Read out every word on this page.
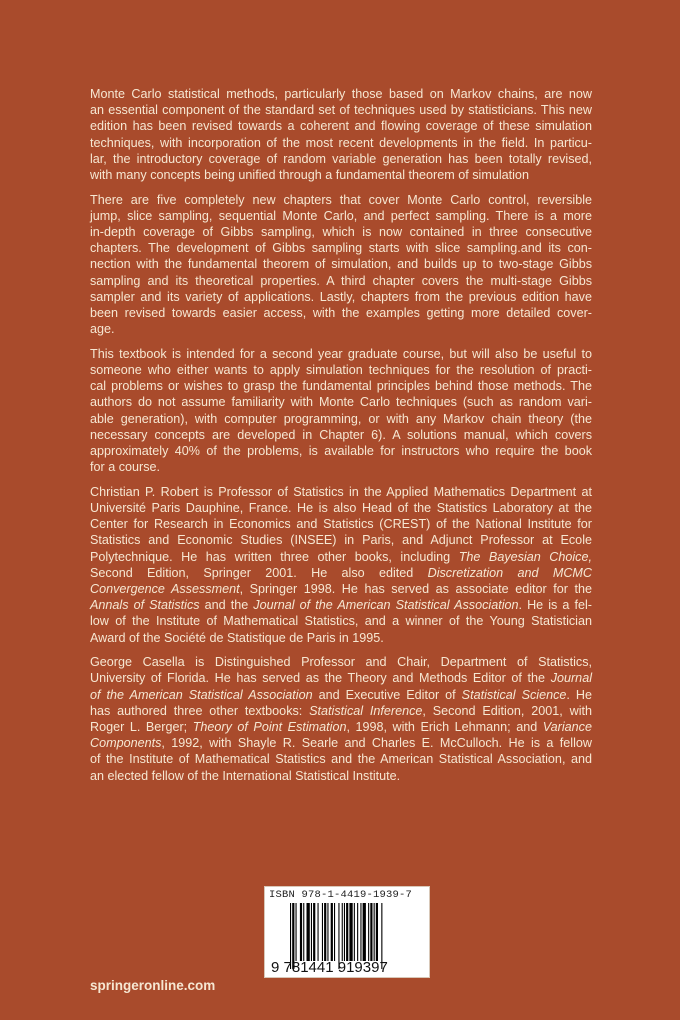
Monte Carlo statistical methods, particularly those based on Markov chains, are now
an essential component of the standard set of techniques used by statisticians. This new
edition has been revised towards a coherent and flowing coverage of these simulation
techniques, with incorporation of the most recent developments in the field. In particu-
lar, the introductory coverage of random variable generation has been totally revised,
with many concepts being unified through a fundamental theorem of simulation
There are five completely new chapters that cover Monte Carlo control, reversible
jump, slice sampling, sequential Monte Carlo, and perfect sampling. There is a more
in-depth coverage of Gibbs sampling, which is now contained in three consecutive
chapters. The development of Gibbs sampling starts with slice sampling.and its con-
nection with the fundamental theorem of simulation, and builds up to two-stage Gibbs
sampling and its theoretical properties. A third chapter covers the multi-stage Gibbs
sampler and its variety of applications. Lastly, chapters from the previous edition have
been revised towards easier access, with the examples getting more detailed cover-
age.
This textbook is intended for a second year graduate course, but will also be useful to
someone who either wants to apply simulation techniques for the resolution of practi-
cal problems or wishes to grasp the fundamental principles behind those methods. The
authors do not assume familiarity with Monte Carlo techniques (such as random vari-
able generation), with computer programming, or with any Markov chain theory (the
necessary concepts are developed in Chapter 6). A solutions manual, which covers
approximately 40% of the problems, is available for instructors who require the book
for a course.
Christian P. Robert is Professor of Statistics in the Applied Mathematics Department at
Université Paris Dauphine, France. He is also Head of the Statistics Laboratory at the
Center for Research in Economics and Statistics (CREST) of the National Institute for
Statistics and Economic Studies (INSEE) in Paris, and Adjunct Professor at Ecole
Polytechnique. He has written three other books, including The Bayesian Choice,
Second Edition, Springer 2001. He also edited Discretization and MCMC
Convergence Assessment, Springer 1998. He has served as associate editor for the
Annals of Statistics and the Journal of the American Statistical Association. He is a fel-
low of the Institute of Mathematical Statistics, and a winner of the Young Statistician
Award of the Société de Statistique de Paris in 1995.
George Casella is Distinguished Professor and Chair, Department of Statistics,
University of Florida. He has served as the Theory and Methods Editor of the Journal
of the American Statistical Association and Executive Editor of Statistical Science. He
has authored three other textbooks: Statistical Inference, Second Edition, 2001, with
Roger L. Berger; Theory of Point Estimation, 1998, with Erich Lehmann; and Variance
Components, 1992, with Shayle R. Searle and Charles E. McCulloch. He is a fellow
of the Institute of Mathematical Statistics and the American Statistical Association, and
an elected fellow of the International Statistical Institute.
ISBN 978-1-4419-1939-7
9 781441 919397
springeronline.com
